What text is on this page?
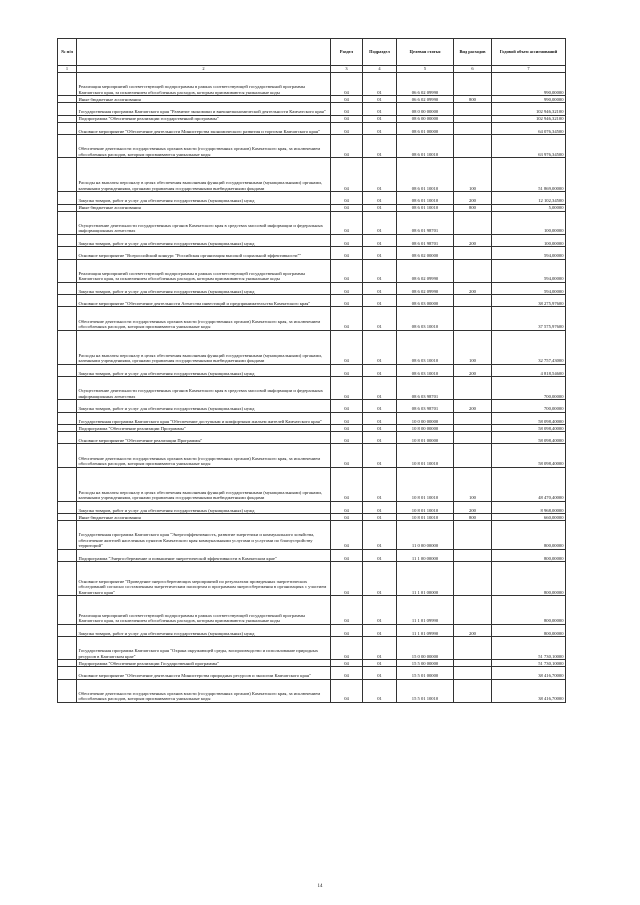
№ п/п		Раздел	Подраздел	Целевая статья	Вид расходов	Годовой объем ассигнований
1	2	3	4	5	6	7
	Реализация мероприятий соответствующей подпрограммы в рамках соответствующей государственной программы Камчатского края, за исключением обособленных расходов, которым присваиваются уникальные коды	04	01	06 6 02 09990		990,00000
	Иные бюджетные ассигнования	04	01	06 6 02 09990	800	990,00000
	Государственная программа Камчатского края "Развитие экономики и внешнеэкономической деятельности Камчатского края"	04	01	08 0 00 00000		102 946,32100
	Подпрограмма "Обеспечение реализации государственной программы"	04	01	08 6 00 00000		102 946,32100
	Основное мероприятие "Обеспечение деятельности Министерства экономического развития и торговли Камчатского края"	04	01	08 6 01 00000		64 076,34500
	Обеспечение деятельности государственных органов власти (государственных органов) Камчатского края, за исключением обособленных расходов, которым присваиваются уникальные коды	04	01	08 6 01 10010		63 976,34500
	Расходы на выплаты персоналу в целях обеспечения выполнения функций государственными (муниципальными) органами, казенными учреждениями, органами управления государственными внебюджетными фондами	04	01	08 6 01 10010	100	51 869,00000
	Закупка товаров, работ и услуг для обеспечения государственных (муниципальных) нужд	04	01	08 6 01 10010	200	12 102,34500
	Иные бюджетные ассигнования	04	01	08 6 01 10010	800	5,00000
	Осуществление деятельности государственных органов Камчатского края в средствах массовой информации и федеральных информационных агентствах	04	01	08 6 01 98701		100,00000
	Закупка товаров, работ и услуг для обеспечения государственных (муниципальных) нужд	04	01	08 6 01 98701	200	100,00000
	Основное мероприятие "Всероссийский конкурс "Российская организация высокой социальной эффективности""	04	01	08 6 02 00000		594,00000
	Реализация мероприятий соответствующей подпрограммы в рамках соответствующей государственной программы Камчатского края, за исключением обособленных расходов, которым присваиваются уникальные коды	04	01	08 6 02 09990		594,00000
	Закупка товаров, работ и услуг для обеспечения государственных (муниципальных) нужд	04	01	08 6 02 09990	200	594,00000
	Основное мероприятие "Обеспечение деятельности Агентства инвестиций и предпринимательства Камчатского края"	04	01	08 6 03 00000		38 275,97600
	Обеспечение деятельности государственных органов власти (государственных органов) Камчатского края, за исключением обособленных расходов, которым присваиваются уникальные коды	04	01	08 6 03 10010		37 575,97600
	Расходы на выплаты персоналу в целях обеспечения выполнения функций государственными (муниципальными) органами, казенными учреждениями, органами управления государственными внебюджетными фондами	04	01	08 6 03 10010	100	32 757,43000
	Закупка товаров, работ и услуг для обеспечения государственных (муниципальных) нужд	04	01	08 6 03 10010	200	4 818,54600
	Осуществление деятельности государственных органов Камчатского края в средствах массовой информации и федеральных информационных агентствах	04	01	08 6 03 98701		700,00000
	Закупка товаров, работ и услуг для обеспечения государственных (муниципальных) нужд	04	01	08 6 03 98701	200	700,00000
	Государственная программа Камчатского края "Обеспечение доступным и комфортным жильем жителей Камчатского края"	04	01	10 0 00 00000		58 098,40000
	Подпрограмма "Обеспечение реализации Программы"	04	01	10 8 00 00000		58 098,40000
	Основное мероприятие "Обеспечение реализации Программы"	04	01	10 8 01 00000		58 098,40000
	Обеспечение деятельности государственных органов власти (государственных органов) Камчатского края, за исключением обособленных расходов, которым присваиваются уникальные коды	04	01	10 8 01 10010		58 098,40000
	Расходы на выплаты персоналу в целях обеспечения выполнения функций государственными (муниципальными) органами, казенными учреждениями, органами управления государственными внебюджетными фондами	04	01	10 8 01 10010	100	48 470,40000
	Закупка товаров, работ и услуг для обеспечения государственных (муниципальных) нужд	04	01	10 8 01 10010	200	8 968,00000
	Иные бюджетные ассигнования	04	01	10 8 01 10010	800	660,00000
	Государственная программа Камчатского края "Энергоэффективность, развитие энергетики и коммунального хозяйства, обеспечение жителей населенных пунктов Камчатского края коммунальными услугами и услугами по благоустройству территорий"	04	01	11 0 00 00000		800,00000
	Подпрограмма "Энергосбережение и повышение энергетической эффективности в Камчатском крае"	04	01	11 1 00 00000		800,00000
	Основное мероприятие "Проведение энергосберегающих мероприятий по результатам проведенных энергетических обследований согласно составленным энергетическим паспортам и программам энергосбережения в организациях с участием Камчатского края"	04	01	11 1 01 00000		800,00000
	Реализация мероприятий соответствующей подпрограммы в рамках соответствующей государственной программы Камчатского края, за исключением обособленных расходов, которым присваиваются уникальные коды	04	01	11 1 01 09990		800,00000
	Закупка товаров, работ и услуг для обеспечения государственных (муниципальных) нужд	04	01	11 1 01 09990	200	800,00000
	Государственная программа Камчатского края "Охрана окружающей среды, воспроизводство и использование природных ресурсов в Камчатском крае"	04	01	15 0 00 00000		51 730,10000
	Подпрограмма "Обеспечение реализации Государственной программы"	04	01	15 5 00 00000		51 730,10000
	Основное мероприятие "Обеспечение деятельности Министерства природных ресурсов и экологии Камчатского края"	04	01	15 5 01 00000		38 416,70000
	Обеспечение деятельности государственных органов власти (государственных органов) Камчатского края, за исключением обособленных расходов, которым присваиваются уникальные коды	04	01	15 5 01 10010		38 416,70000
14
